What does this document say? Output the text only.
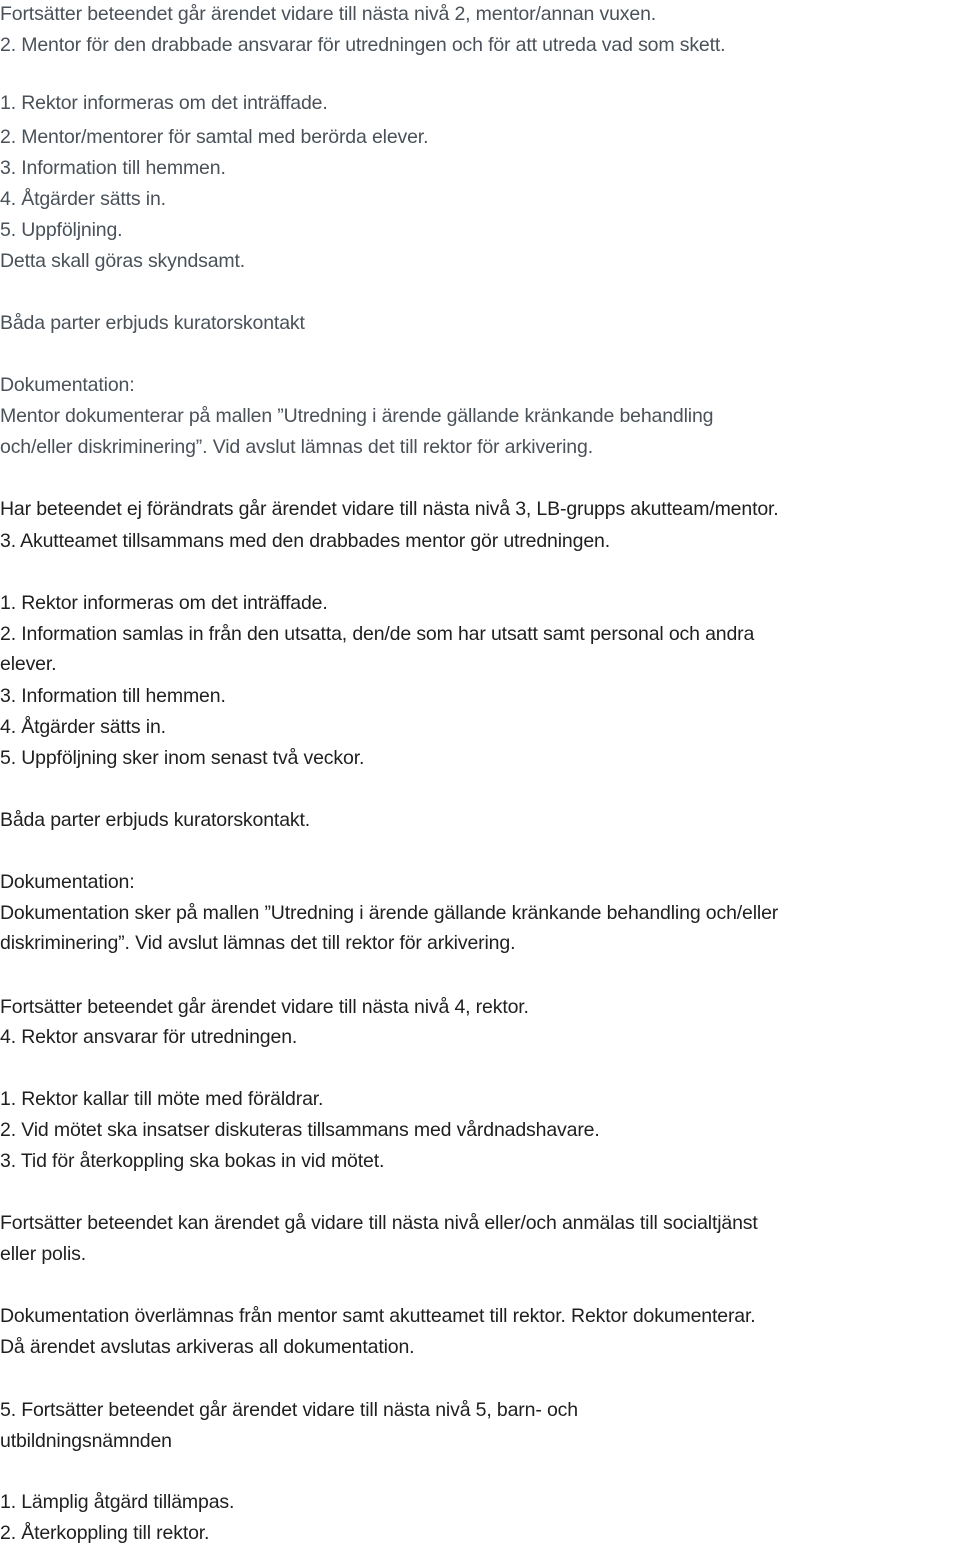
Fortsätter beteendet går ärendet vidare till nästa nivå 2, mentor/annan vuxen.

2. Mentor för den drabbade ansvarar för utredningen och för att utreda vad som skett.

1. Rektor informeras om det inträffade.

2. Mentor/mentorer för samtal med berörda elever.

3. Information till hemmen.

4. Åtgärder sätts in.

5. Uppföljning.

Detta skall göras skyndsamt.

Båda parter erbjuds kuratorskontakt

Dokumentation:

Mentor dokumenterar på mallen ”Utredning i ärende gällande kränkande behandling

och/eller diskriminering”. Vid avslut lämnas det till rektor för arkivering.

Har beteendet ej förändrats går ärendet vidare till nästa nivå 3, LB-grupps akutteam/mentor.

3. Akutteamet tillsammans med den drabbades mentor gör utredningen.

1. Rektor informeras om det inträffade.

2. Information samlas in från den utsatta, den/de som har utsatt samt personal och andra

elever.

3. Information till hemmen.

4. Åtgärder sätts in.

5. Uppföljning sker inom senast två veckor.

Båda parter erbjuds kuratorskontakt.

Dokumentation:

Dokumentation sker på mallen ”Utredning i ärende gällande kränkande behandling och/eller

diskriminering”. Vid avslut lämnas det till rektor för arkivering.

Fortsätter beteendet går ärendet vidare till nästa nivå 4, rektor.

4. Rektor ansvarar för utredningen.

1. Rektor kallar till möte med föräldrar.

2. Vid mötet ska insatser diskuteras tillsammans med vårdnadshavare.

3. Tid för återkoppling ska bokas in vid mötet.

Fortsätter beteendet kan ärendet gå vidare till nästa nivå eller/och anmälas till socialtjänst

eller polis.

Dokumentation överlämnas från mentor samt akutteamet till rektor. Rektor dokumenterar.

Då ärendet avslutas arkiveras all dokumentation.

5. Fortsätter beteendet går ärendet vidare till nästa nivå 5, barn- och

utbildningsnämnden

1. Lämplig åtgärd tillämpas.

2. Återkoppling till rektor.
